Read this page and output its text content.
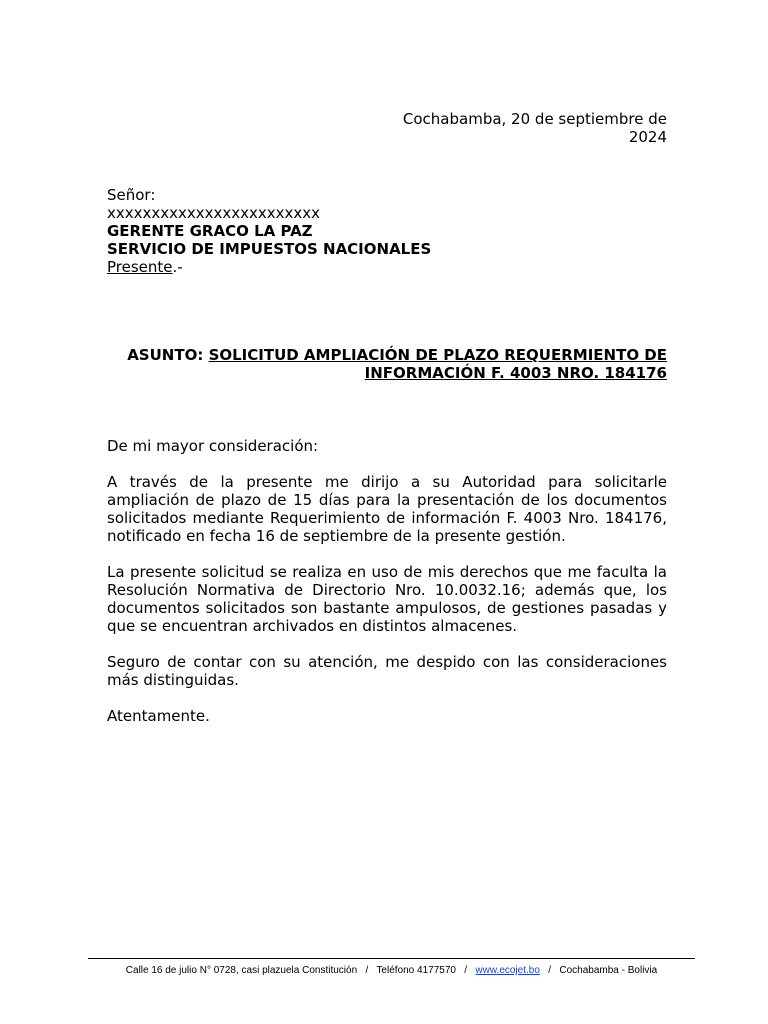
Cochabamba, 20 de septiembre de
2024
Señor:
xxxxxxxxxxxxxxxxxxxxxxxx
GERENTE GRACO LA PAZ
SERVICIO DE IMPUESTOS NACIONALES
Presente.-
ASUNTO: SOLICITUD AMPLIACIÓN DE PLAZO REQUERMIENTO DE
INFORMACIÓN F. 4003 NRO. 184176

De mi mayor consideración:

A través de la presente me dirijo a su Autoridad para solicitarle ampliación de plazo de 15 días para la presentación de los documentos solicitados mediante Requerimiento de información F. 4003 Nro. 184176, notificado en fecha 16 de septiembre de la presente gestión.

La presente solicitud se realiza en uso de mis derechos que me faculta la Resolución Normativa de Directorio Nro. 10.0032.16; además que, los documentos solicitados son bastante ampulosos, de gestiones pasadas y que se encuentran archivados en distintos almacenes.

Seguro de contar con su atención, me despido con las consideraciones más distinguidas.

Atentamente.

Calle 16 de julio N° 0728, casi plazuela Constitución / Teléfono 4177570 / www.ecojet.bo / Cochabamba - Bolivia
